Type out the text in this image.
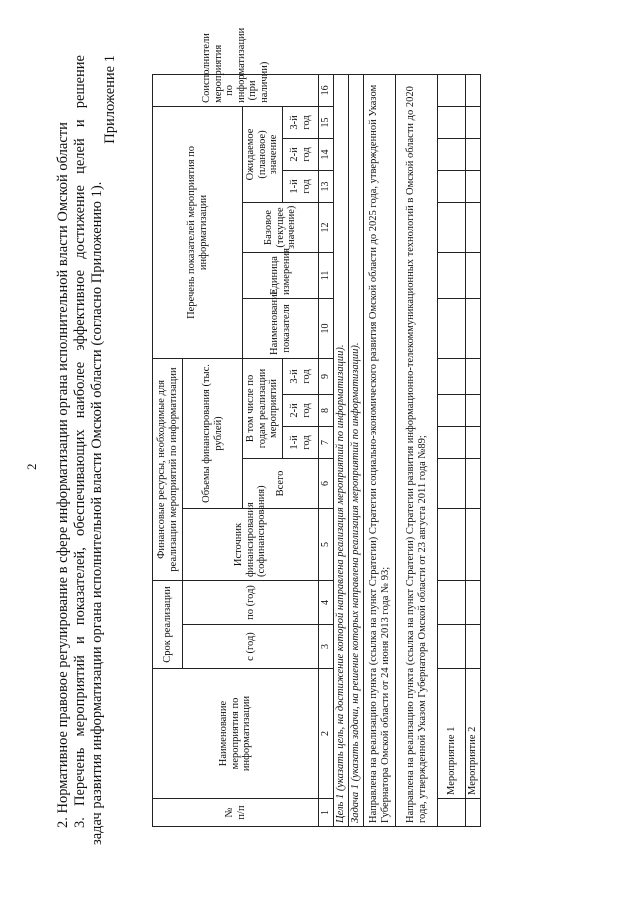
2 2. Нормативное правовое регулирование в сфере информатизации органа исполнительной власти Омской области 3. Перечень мероприятий и показателей, обеспечивающих наиболее эффективное достижение целей и решение задач развития информатизации органа исполнительной власти Омской области (согласно Приложению 1).

Приложение 1
№ п/п	Наименование мероприятия по информатизации	Срок реализации		Финансовые ресурсы, необходимые для реализации мероприятий по информатизации					Перечень показателей мероприятия по информатизации						Соисполнители мероприятия по информатизации (при наличии)
		с (год)	по (год)	Источник финансирования (софинансирования)	Объемы финансирования (тыс. рублей)										
					Всего	В том числе по годам реализации мероприятий			Наименование показателя	Единица измерения	Базовое (текущее значение)	Ожидаемое (плановое) значение			
						1-й год	2-й год	3-й год				1-й год	2-й год	3-й год	
1	2	3	4	5	6	7	8	9	10	11	12	13	14	15	16
Цель 1 (указать цель, на достижение которой направлена реализация мероприятий по информатизации).															
Задача 1 (указать задачи, на решение которых направлена реализация мероприятий по информатизации).															
Направлена на реализацию пункта (ссылка на пункт Стратегии) Стратегии социально-экономического развития Омской области до 2025 года, утвержденной Указом Губернатора Омской области от 24 июня 2013 года № 93;															
Направлена на реализацию пункта (ссылка на пункт Стратегии) Стратегии развития информационно-телекоммуникационных технологий в Омской области до 2020 года, утвержденной Указом Губернатора Омской области от 23 августа 2011 года №89;															
	Мероприятие 1														
	Мероприятие 2														
